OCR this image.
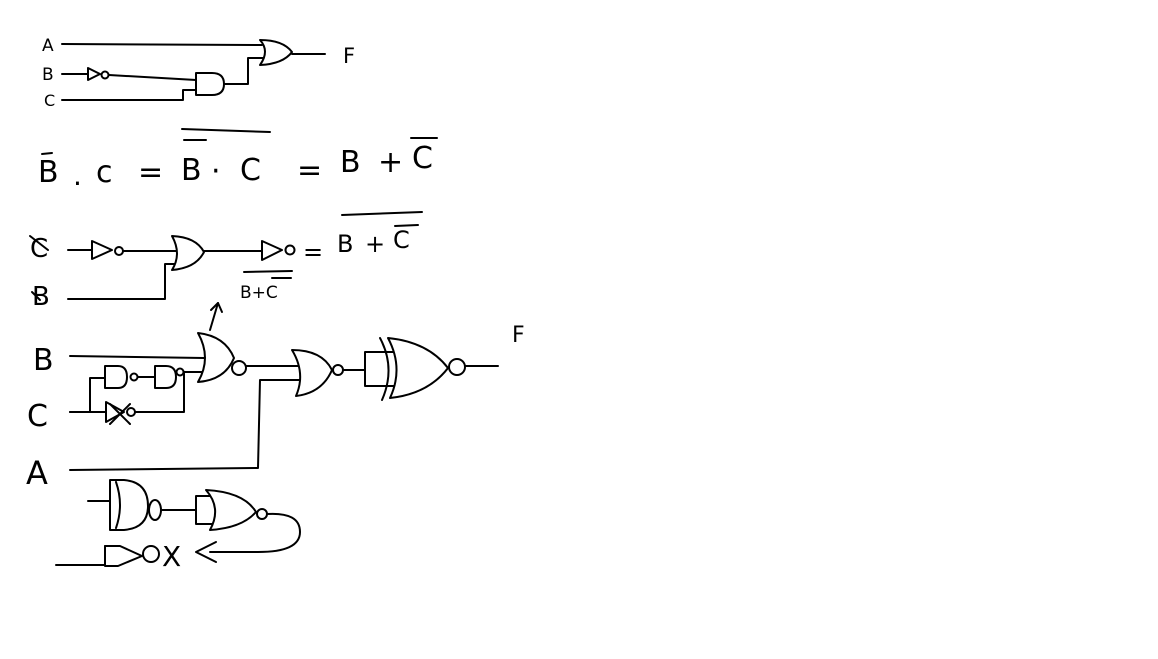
A
B
C
F
B . c = B · C = B + C
C
B
= B + C
B+C
B
C
A
F
X
